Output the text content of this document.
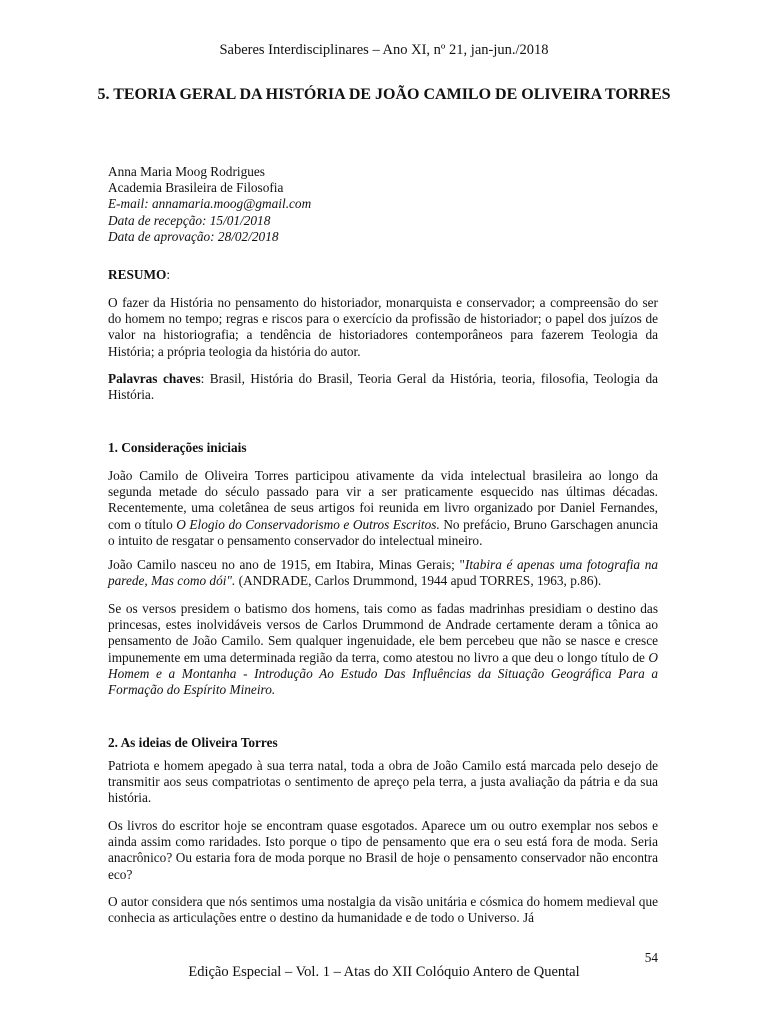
Saberes Interdisciplinares – Ano XI, nº 21, jan-jun./2018
5. TEORIA GERAL DA HISTÓRIA DE JOÃO CAMILO DE OLIVEIRA TORRES

Anna Maria Moog Rodrigues

Academia Brasileira de Filosofia

E-mail: annamaria.moog@gmail.com

Data de recepção: 15/01/2018

Data de aprovação: 28/02/2018

RESUMO:

O fazer da História no pensamento do historiador, monarquista e conservador; a compreensão do ser do homem no tempo; regras e riscos para o exercício da profissão de historiador; o papel dos juízos de valor na historiografia; a tendência de historiadores contemporâneos para fazerem Teologia da História; a própria teologia da história do autor.

Palavras chaves: Brasil, História do Brasil, Teoria Geral da História, teoria, filosofia, Teologia da História.

1. Considerações iniciais

João Camilo de Oliveira Torres participou ativamente da vida intelectual brasileira ao longo da segunda metade do século passado para vir a ser praticamente esquecido nas últimas décadas. Recentemente, uma coletânea de seus artigos foi reunida em livro organizado por Daniel Fernandes, com o título O Elogio do Conservadorismo e Outros Escritos. No prefácio, Bruno Garschagen anuncia o intuito de resgatar o pensamento conservador do intelectual mineiro.

João Camilo nasceu no ano de 1915, em Itabira, Minas Gerais; "Itabira é apenas uma fotografia na parede, Mas como dói". (ANDRADE, Carlos Drummond, 1944 apud TORRES, 1963, p.86).

Se os versos presidem o batismo dos homens, tais como as fadas madrinhas presidiam o destino das princesas, estes inolvidáveis versos de Carlos Drummond de Andrade certamente deram a tônica ao pensamento de João Camilo. Sem qualquer ingenuidade, ele bem percebeu que não se nasce e cresce impunemente em uma determinada região da terra, como atestou no livro a que deu o longo título de O Homem e a Montanha - Introdução Ao Estudo Das Influências da Situação Geográfica Para a Formação do Espírito Mineiro.

2. As ideias de Oliveira Torres

Patriota e homem apegado à sua terra natal, toda a obra de João Camilo está marcada pelo desejo de transmitir aos seus compatriotas o sentimento de apreço pela terra, a justa avaliação da pátria e da sua história.

Os livros do escritor hoje se encontram quase esgotados. Aparece um ou outro exemplar nos sebos e ainda assim como raridades. Isto porque o tipo de pensamento que era o seu está fora de moda. Seria anacrônico? Ou estaria fora de moda porque no Brasil de hoje o pensamento conservador não encontra eco?

O autor considera que nós sentimos uma nostalgia da visão unitária e cósmica do homem medieval que conhecia as articulações entre o destino da humanidade e de todo o Universo. Já

54
Edição Especial – Vol. 1 – Atas do XII Colóquio Antero de Quental
